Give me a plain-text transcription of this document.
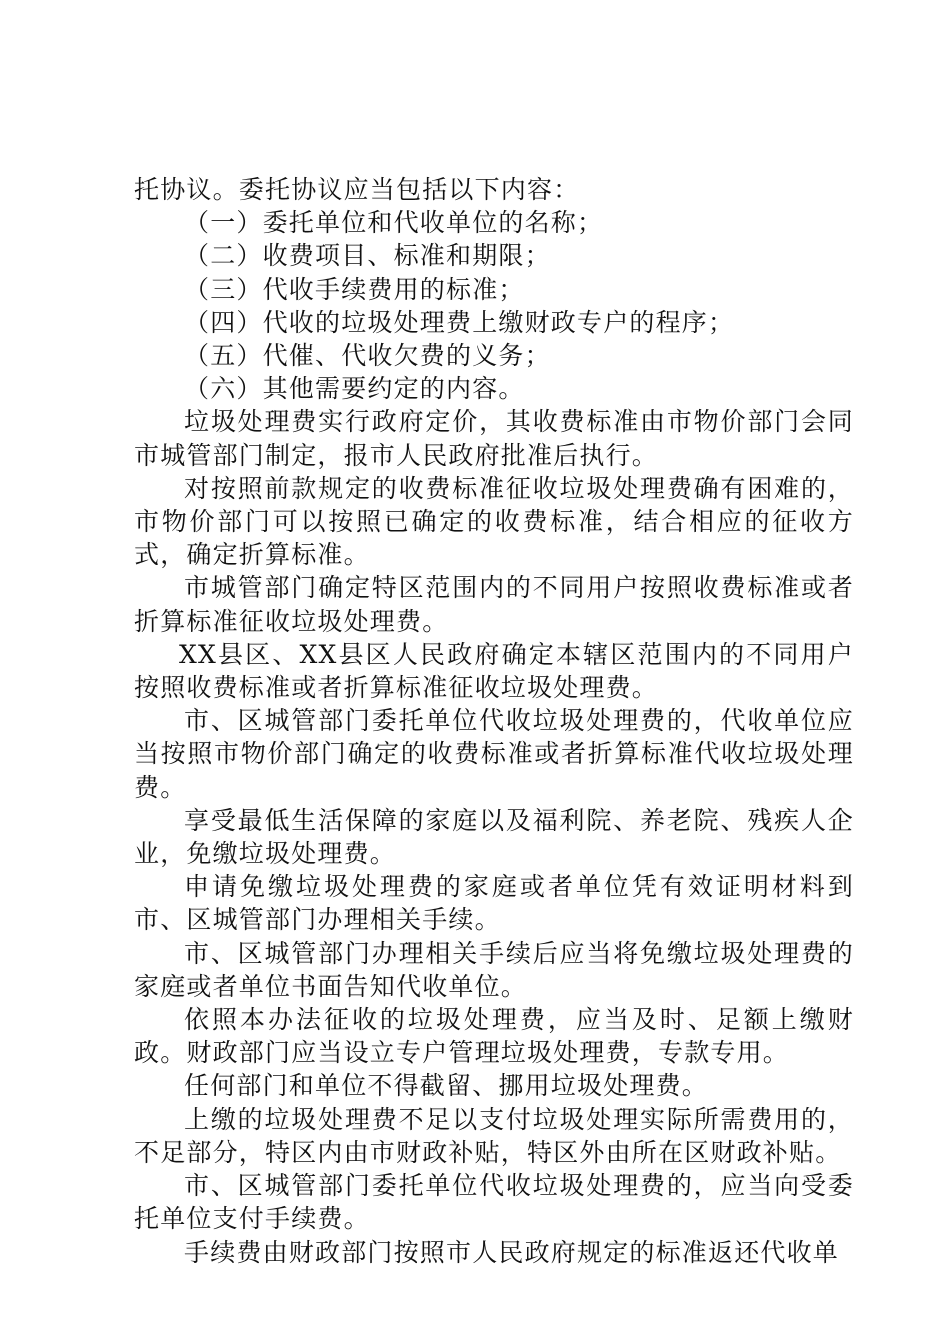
托协议。委托协议应当包括以下内容：

（一）委托单位和代收单位的名称；

（二）收费项目、标准和期限；

（三）代收手续费用的标准；

（四）代收的垃圾处理费上缴财政专户的程序；

（五）代催、代收欠费的义务；

（六）其他需要约定的内容。

垃圾处理费实行政府定价，其收费标准由市物价部门会同市城管部门制定，报市人民政府批准后执行。

对按照前款规定的收费标准征收垃圾处理费确有困难的，市物价部门可以按照已确定的收费标准，结合相应的征收方式，确定折算标准。

市城管部门确定特区范围内的不同用户按照收费标准或者折算标准征收垃圾处理费。

XX县区、XX县区人民政府确定本辖区范围内的不同用户按照收费标准或者折算标准征收垃圾处理费。

市、区城管部门委托单位代收垃圾处理费的，代收单位应当按照市物价部门确定的收费标准或者折算标准代收垃圾处理费。

享受最低生活保障的家庭以及福利院、养老院、残疾人企业，免缴垃圾处理费。

申请免缴垃圾处理费的家庭或者单位凭有效证明材料到市、区城管部门办理相关手续。

市、区城管部门办理相关手续后应当将免缴垃圾处理费的家庭或者单位书面告知代收单位。

依照本办法征收的垃圾处理费，应当及时、足额上缴财政。财政部门应当设立专户管理垃圾处理费，专款专用。

任何部门和单位不得截留、挪用垃圾处理费。

上缴的垃圾处理费不足以支付垃圾处理实际所需费用的，不足部分，特区内由市财政补贴，特区外由所在区财政补贴。

市、区城管部门委托单位代收垃圾处理费的，应当向受委托单位支付手续费。

手续费由财政部门按照市人民政府规定的标准返还代收单
